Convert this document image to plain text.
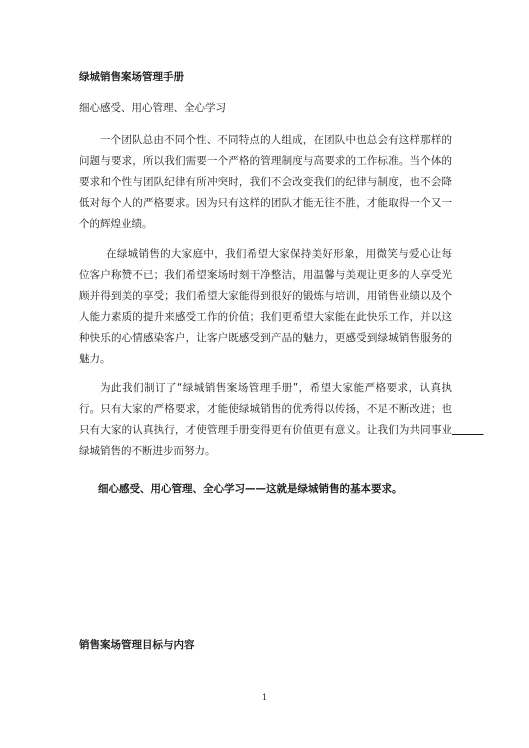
绿城销售案场管理手册
细心感受、用心管理、全心学习

一个团队总由不同个性、不同特点的人组成，在团队中也总会有这样那样的问题与要求，所以我们需要一个严格的管理制度与高要求的工作标准。当个体的要求和个性与团队纪律有所冲突时，我们不会改变我们的纪律与制度，也不会降低对每个人的严格要求。因为只有这样的团队才能无往不胜，才能取得一个又一个的辉煌业绩。

在绿城销售的大家庭中，我们希望大家保持美好形象，用微笑与爱心让每位客户称赞不已；我们希望案场时刻干净整洁，用温馨与美观让更多的人享受光顾并得到美的享受；我们希望大家能得到很好的锻炼与培训，用销售业绩以及个人能力素质的提升来感受工作的价值；我们更希望大家能在此快乐工作，并以这种快乐的心情感染客户，让客户既感受到产品的魅力，更感受到绿城销售服务的魅力。

为此我们制订了“绿城销售案场管理手册”，希望大家能严格要求，认真执行。只有大家的严格要求，才能使绿城销售的优秀得以传扬，不足不断改进；也只有大家的认真执行，才使管理手册变得更有价值更有意义。让我们为共同事业　　　绿城销售的不断进步而努力。

细心感受、用心管理、全心学习——这就是绿城销售的基本要求。
销售案场管理目标与内容
1
